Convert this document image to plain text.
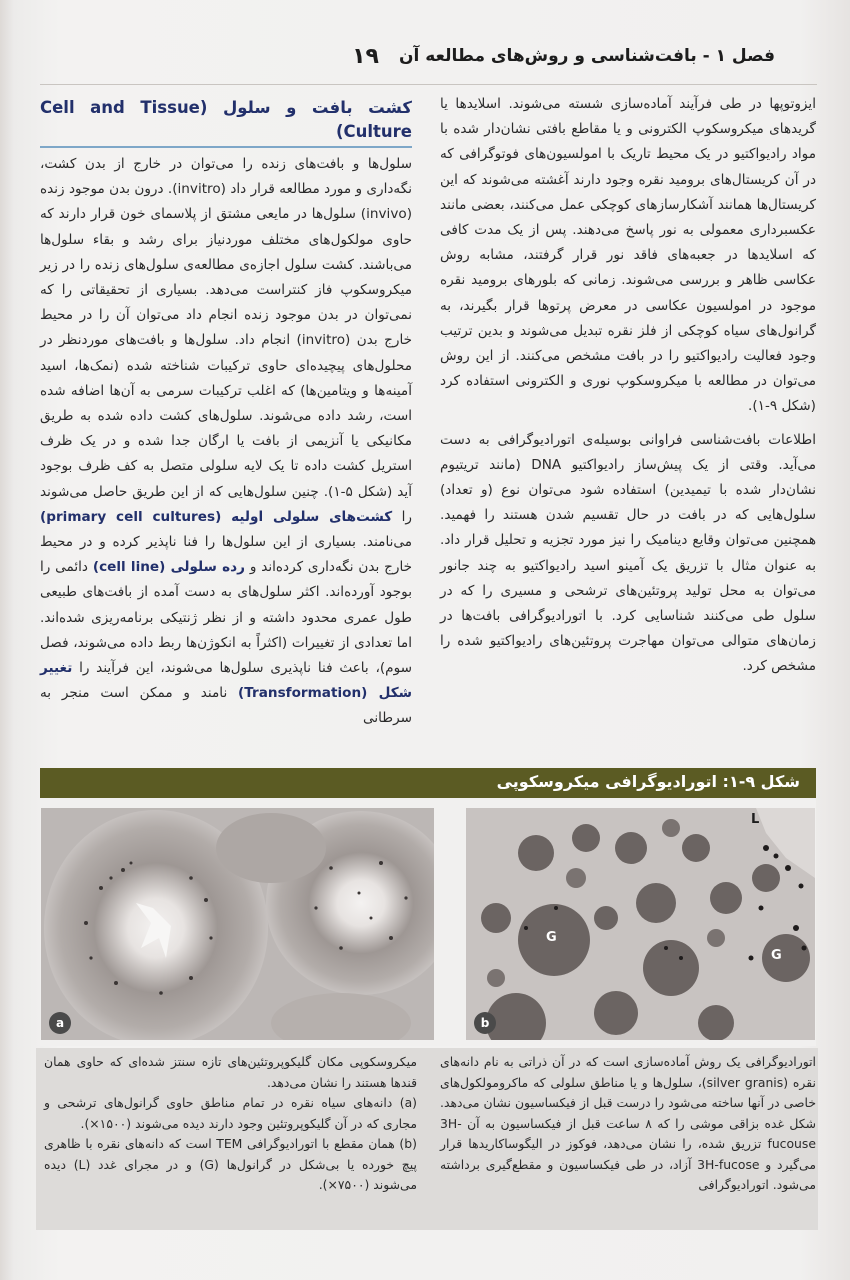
فصل ۱ - بافت‌شناسی و روش‌های مطالعه آن
۱۹

ایزوتوپها در طی فرآیند آماده‌سازی شسته می‌شوند. اسلایدها یا گریدهای میکروسکوپ الکترونی و یا مقاطع بافتی نشان‌دار شده با مواد رادیواکتیو در یک محیط تاریک با امولسیون‌های فوتوگرافی که در آن کریستال‌های برومید نقره وجود دارند آغشته می‌شوند که این کریستال‌ها همانند آشکارسازهای کوچکی عمل می‌کنند، بعضی مانند عکسبرداری معمولی به نور پاسخ می‌دهند. پس از یک مدت کافی که اسلایدها در جعبه‌های فاقد نور قرار گرفتند، مشابه روش عکاسی ظاهر و بررسی می‌شوند. زمانی که بلورهای برومید نقره موجود در امولسیون عکاسی در معرض پرتوها قرار بگیرند، به گرانول‌های سیاه کوچکی از فلز نقره تبدیل می‌شوند و بدین ترتیب وجود فعالیت رادیواکتیو را در بافت مشخص می‌کنند. از این روش می‌توان در مطالعه با میکروسکوپ نوری و الکترونی استفاده کرد (شکل ۹-۱).

اطلاعات بافت‌شناسی فراوانی بوسیله‌ی اتورادیوگرافی به دست می‌آید. وقتی از یک پیش‌ساز رادیواکتیو DNA (مانند تریتیوم نشان‌دار شده با تیمیدین) استفاده شود می‌توان نوع (و تعداد) سلول‌هایی که در بافت در حال تقسیم شدن هستند را فهمید. همچنین می‌توان وقایع دینامیک را نیز مورد تجزیه و تحلیل قرار داد. به عنوان مثال با تزریق یک آمینو اسید رادیواکتیو به چند جانور می‌توان به محل تولید پروتئین‌های ترشحی و مسیری را که در سلول طی می‌کنند شناسایی کرد. با اتورادیوگرافی بافت‌ها در زمان‌های متوالی می‌توان مهاجرت پروتئین‌های رادیواکتیو شده را مشخص کرد.

کشت بافت و سلول (Cell and Tissue Culture)

سلول‌ها و بافت‌های زنده را می‌توان در خارج از بدن کشت، نگه‌داری و مورد مطالعه قرار داد (invitro). درون بدن موجود زنده (invivo) سلول‌ها در مایعی مشتق از پلاسمای خون قرار دارند که حاوی مولکول‌های مختلف موردنیاز برای رشد و بقاء سلول‌ها می‌باشند. کشت سلول اجازه‌ی مطالعه‌ی سلول‌های زنده را در زیر میکروسکوپ فاز کنتراست می‌دهد. بسیاری از تحقیقاتی را که نمی‌توان در بدن موجود زنده انجام داد می‌توان آن را در محیط خارج بدن (invitro) انجام داد. سلول‌ها و بافت‌های موردنظر در محلول‌های پیچیده‌ای حاوی ترکیبات شناخته شده (نمک‌ها، اسید آمینه‌ها و ویتامین‌ها) که اغلب ترکیبات سرمی به آن‌ها اضافه شده است، رشد داده می‌شوند. سلول‌های کشت داده شده به طریق مکانیکی یا آنزیمی از بافت یا ارگان جدا شده و در یک ظرف استریل کشت داده تا یک لایه سلولی متصل به کف ظرف بوجود آید (شکل ۵-۱). چنین سلول‌هایی که از این طریق حاصل می‌شوند را کشت‌های سلولی اولیه (primary cell cultures) می‌نامند. بسیاری از این سلول‌ها را فنا ناپذیر کرده و در محیط خارج بدن نگه‌داری کرده‌اند و رده سلولی (cell line) دائمی را بوجود آورده‌اند. اکثر سلول‌های به دست آمده از بافت‌های طبیعی طول عمری محدود داشته و از نظر ژنتیکی برنامه‌ریزی شده‌اند. اما تعدادی از تغییرات (اکثراً به انکوژن‌ها ربط داده می‌شوند، فصل سوم)، باعث فنا ناپذیری سلول‌ها می‌شوند، این فرآیند را تغییر شکل (Transformation) نامند و ممکن است منجر به سرطانی

شکل ۹-۱: اتورادیوگرافی میکروسکوپی
a
G
G
L
b

اتورادیوگرافی یک روش آماده‌سازی است که در آن ذراتی به نام دانه‌های نقره (silver granis)، سلول‌ها و یا مناطق سلولی که ماکرومولکول‌های خاصی در آنها ساخته می‌شود را درست قبل از فیکساسیون نشان می‌دهد. شکل غده بزاقی موشی را که ۸ ساعت قبل از فیکساسیون به آن 3H-fucouse تزریق شده، را نشان می‌دهد، فوکوز در الیگوساکاریدها قرار می‌گیرد و 3H-fucose آزاد، در طی فیکساسیون و مقطع‌گیری برداشته می‌شود. اتورادیوگرافی

میکروسکوپی مکان گلیکوپروتئین‌های تازه سنتز شده‌ای که حاوی همان قندها هستند را نشان می‌دهد.

(a) دانه‌های سیاه نقره در تمام مناطق حاوی گرانول‌های ترشحی و مجاری که در آن گلیکوپروتئین وجود دارند دیده می‌شوند (۱۵۰۰×).

(b) همان مقطع با اتورادیوگرافی TEM است که دانه‌های نقره با ظاهری پیچ خورده یا بی‌شکل در گرانول‌ها (G) و در مجرای غدد (L) دیده می‌شوند (۷۵۰۰×).
